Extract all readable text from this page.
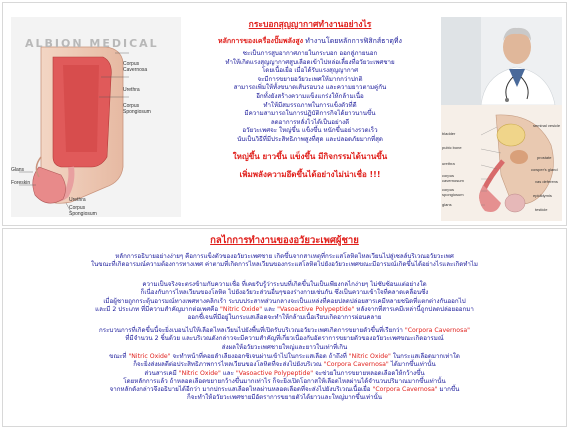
ALBION MEDICAL
Corpus
Cavernosa
Urethra
Corpus
Spongiosum
Glans
Foreskin
Urethra
Corpus
Spongiosum
กระบอกสุญญากาศทำงานอย่างไร
หลักการของเครื่องปั๊มพลังสูง ทำงานโดยหลักการฟิสิกส์ธาตุที่ง
ซะเป็นการสูบอากาศภายในกระบอก ออกสู่ภายนอก
ทำให้เกิดแรงสุญญากาศสูบเลือดเข้าไปหล่อเลี้ยงที่อวัยวะเพศชาย
โดยเนื้อเยื่อ เมื่อได้รับแรงสุญญากาศ
จะมีการขยายอวัยวะเพศให้มากกว่าปกติ
สามารถเพิ่มให้ทั้งขนาดเส้นรอบวง และความยาวตามคู่กัน
อีกทั้งยังสร้างความแข็งแกร่งให้กล้ามเนื้อ
ทำให้มีสมรรถภาพในการแข็งตัวที่ดี
มีความสามารถในการปฏิบัติการกิจได้ยาวนานขึ้น
ลดอาการหลั่งไวได้เป็นอย่างดี
อวัยวะเพศจะ ใหญ่ขึ้น แข็งขึ้น หนักขึ้นอย่างรวดเร็ว
นับเป็นวิธีที่มีประสิทธิภาพสูงที่สุด และปลอดภัยมากที่สุด
ใหญ่ขึ้น ยาวขึ้น แข็งขึ้น มีกิจกรรมได้นานขึ้น
เพิ่มพลังความอึดขึ้นได้อย่างไม่น่าเชื่อ !!!
bladder
pubic bone
urethra
corpus
cavernosum
corpus
spongiosum
glans
seminal vesicle
prostate
cowper's gland
vas deferens
epididymis
testicle
กลไกการทำงานของอวัยวะเพศผู้ชาย
หลักการอธิบายอย่างง่ายๆ คือการแข็งตัวของอวัยวะเพศชาย เกิดขึ้นจากสาเหตุที่กระแสโลหิตไหลเวียนไปสู่เซลล์บริเวณอวัยวะเพศ
ในขณะที่เกิดอารมณ์ความต้องการทางเพศ ค่าตามที่เกิดการไหลเวียนของกระแสโลหิตไปยังอวัยวะเพศขณะมีอารมณ์เกิดขึ้นได้อย่างไรและเกิดทำไม
ความเป็นจริงจะตรงข้ามกับความเชื่อ ที่เคยรับรู้ว่าระบบที่เกิดขึ้นในเป็นเพียงกลไกง่ายๆ ไม่ซับซ้อนแต่อย่างใด
ก็เนื่องกับการไหลเวียนของโลหิต ไปยังอวัยวะส่วนอื่นๆของร่างกายเช่นกัน ซึ่งเป็นความเข้าใจที่คลาดเคลื่อนซึ่ง
เมื่อผู้ชายถูกกระตุ้นอารมณ์ทางเพศทางคลิกเร้า ระบบประสาทส่วนกลางจะเป็นแหล่งที่คอยปลดปล่อยสารเคมีหลายชนิดที่แตกต่างกันออกไป
และมี 2 ประเภท ที่มีความสำคัญมากต่อเพศคือ "Nitric Oxide" และ "Vasoactive Polypeptide" หลังจากที่สารเคมีเหล่านี้ถูกปลดปล่อยออกมา
ออกชี้เจนที่มีอยู่ในกระแสเลือดจะทำให้กล้ามเนื้อเรียบเกิดอาการผ่อนคลาย
กระบวนการที่เกิดขึ้นนี้จะยิ่งเบอนไปให้เลือดไหลเวียนไปยังพื้นที่เปิดรับบริเวณอวัยวะเพศเกิดการขยายตัวขึ้นที่เรียกว่า "Corpora Cavernosa"
ที่มีจำนวน 2 ชิ้นด้วย และบริเวณดังกล่าวจะมีความสำคัญที่เกี่ยวเนื่องกับอัตราการขยายตัวของอวัยวะเพศขณะเกิดอารมณ์
ส่งผลให้อวัยวะเพศชายใหญ่และยาวในเท่าที่เกิน
ขณะที่ "Nitric Oxide" จะทำหน้าที่คอยลำเลียงออกซิเจนผ่านเข้าไปในกระแสเลือด ถ้าถึงที่ "Nitric Oxide" ในกระแสเลือดมากเท่าใด
ก็จะยิ่งส่งผลดีต่อประสิทธิภาพการไหลเวียนของโลหิตที่จะส่งไปยังบริเวณ "Corpora Cavernosa" ได้มากขึ้นเท่านั้น
ส่วนสารเคมี "Nitric Oxide" และ "Vasoactive Polypeptide" จะช่วยในการขยายหลอดเลือดให้กว้างขึ้น
โดยหลักการแล้ว ถ้าหลอดเลือดขยายกว้างขึ้นมากเท่าไร ก็จะยิ่งเปิดโอกาสให้เลือดไหลผ่านได้จำนวนปริมาณมากขึ้นเท่านั้น
จากหลักดังกล่าวจึงอธิบายได้อีกว่า มากปกระแสเลือดไหลผ่านหลอดเลือดที่จะส่งไปยังบริเวณเนื้อเยื่อ "Corpora Cavernosa" มากขึ้น
ก็จะทำให้อวัยวะเพศชายมีอัตราการขยายตัวได้ยาวและใหญ่มากขึ้นเท่านั้น
